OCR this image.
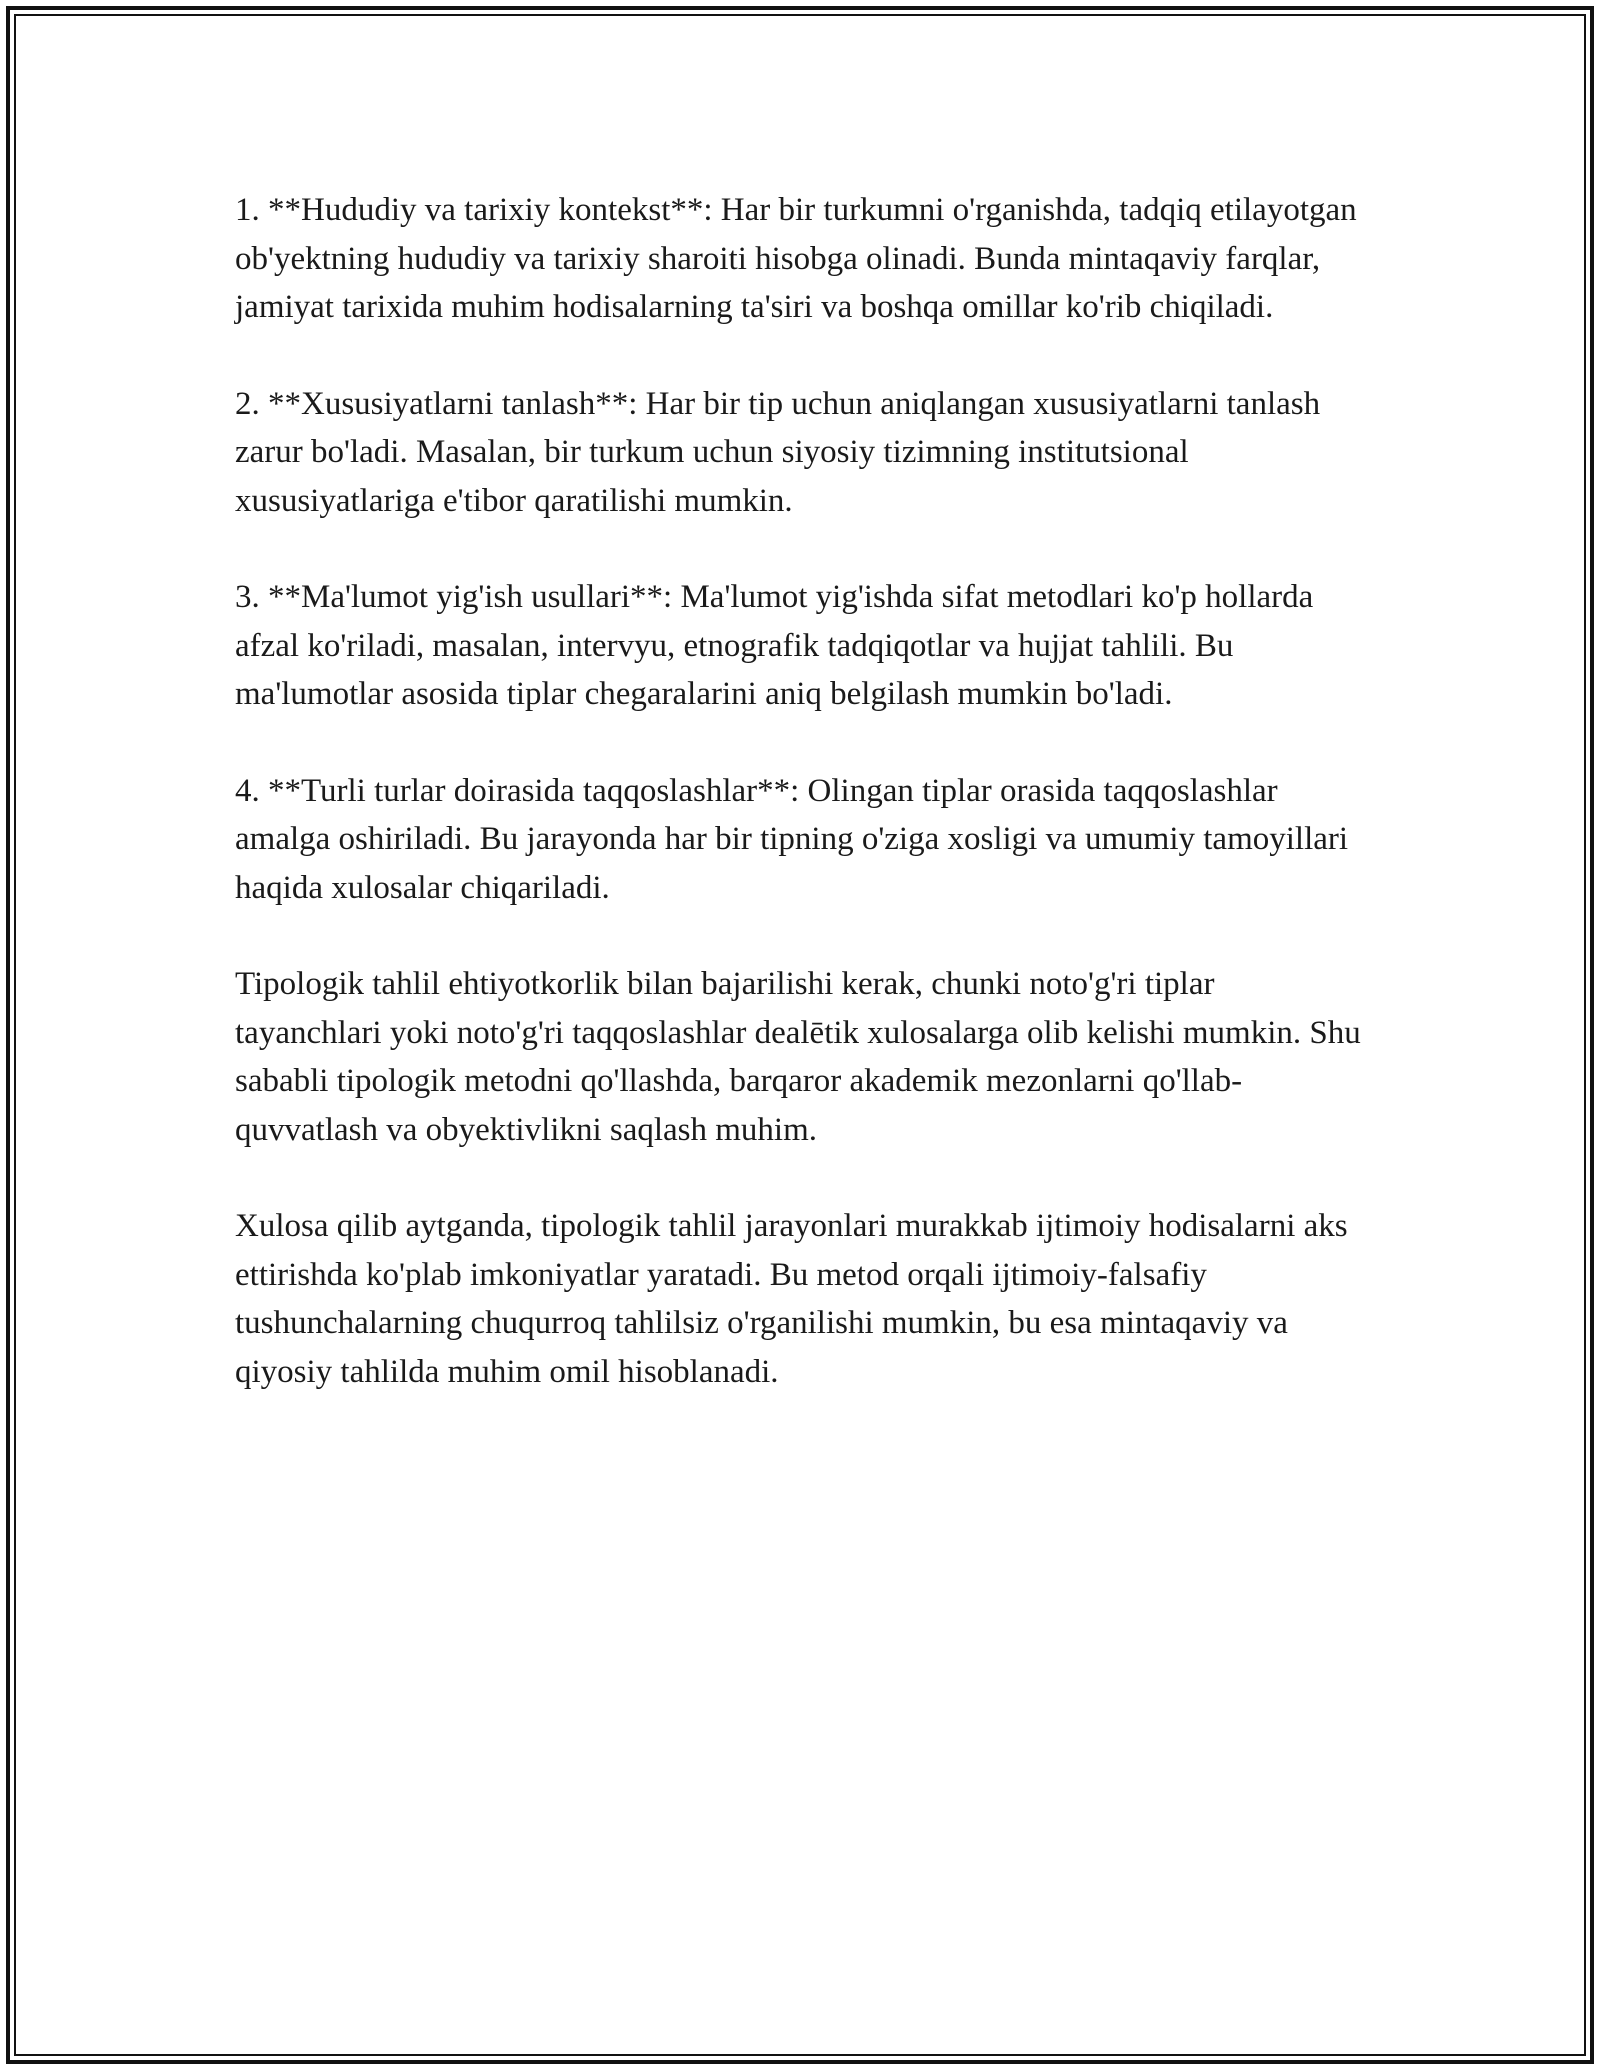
1. **Hududiy va tarixiy kontekst**: Har bir turkumni o'rganishda, tadqiq etilayotgan ob'yektning hududiy va tarixiy sharoiti hisobga olinadi. Bunda mintaqaviy farqlar, jamiyat tarixida muhim hodisalarning ta'siri va boshqa omillar ko'rib chiqiladi.

2. **Xususiyatlarni tanlash**: Har bir tip uchun aniqlangan xususiyatlarni tanlash zarur bo'ladi. Masalan, bir turkum uchun siyosiy tizimning institutsional xususiyatlariga e'tibor qaratilishi mumkin.

3. **Ma'lumot yig'ish usullari**: Ma'lumot yig'ishda sifat metodlari ko'p hollarda afzal ko'riladi, masalan, intervyu, etnografik tadqiqotlar va hujjat tahlili. Bu ma'lumotlar asosida tiplar chegaralarini aniq belgilash mumkin bo'ladi.

4. **Turli turlar doirasida taqqoslashlar**: Olingan tiplar orasida taqqoslashlar amalga oshiriladi. Bu jarayonda har bir tipning o'ziga xosligi va umumiy tamoyillari haqida xulosalar chiqariladi.

Tipologik tahlil ehtiyotkorlik bilan bajarilishi kerak, chunki noto'g'ri tiplar tayanchlari yoki noto'g'ri taqqoslashlar dealētik xulosalarga olib kelishi mumkin. Shu sababli tipologik metodni qo'llashda, barqaror akademik mezonlarni qo'llab-quvvatlash va obyektivlikni saqlash muhim.

Xulosa qilib aytganda, tipologik tahlil jarayonlari murakkab ijtimoiy hodisalarni aks ettirishda ko'plab imkoniyatlar yaratadi. Bu metod orqali ijtimoiy-falsafiy tushunchalarning chuqurroq tahlilsiz o'rganilishi mumkin, bu esa mintaqaviy va qiyosiy tahlilda muhim omil hisoblanadi.
